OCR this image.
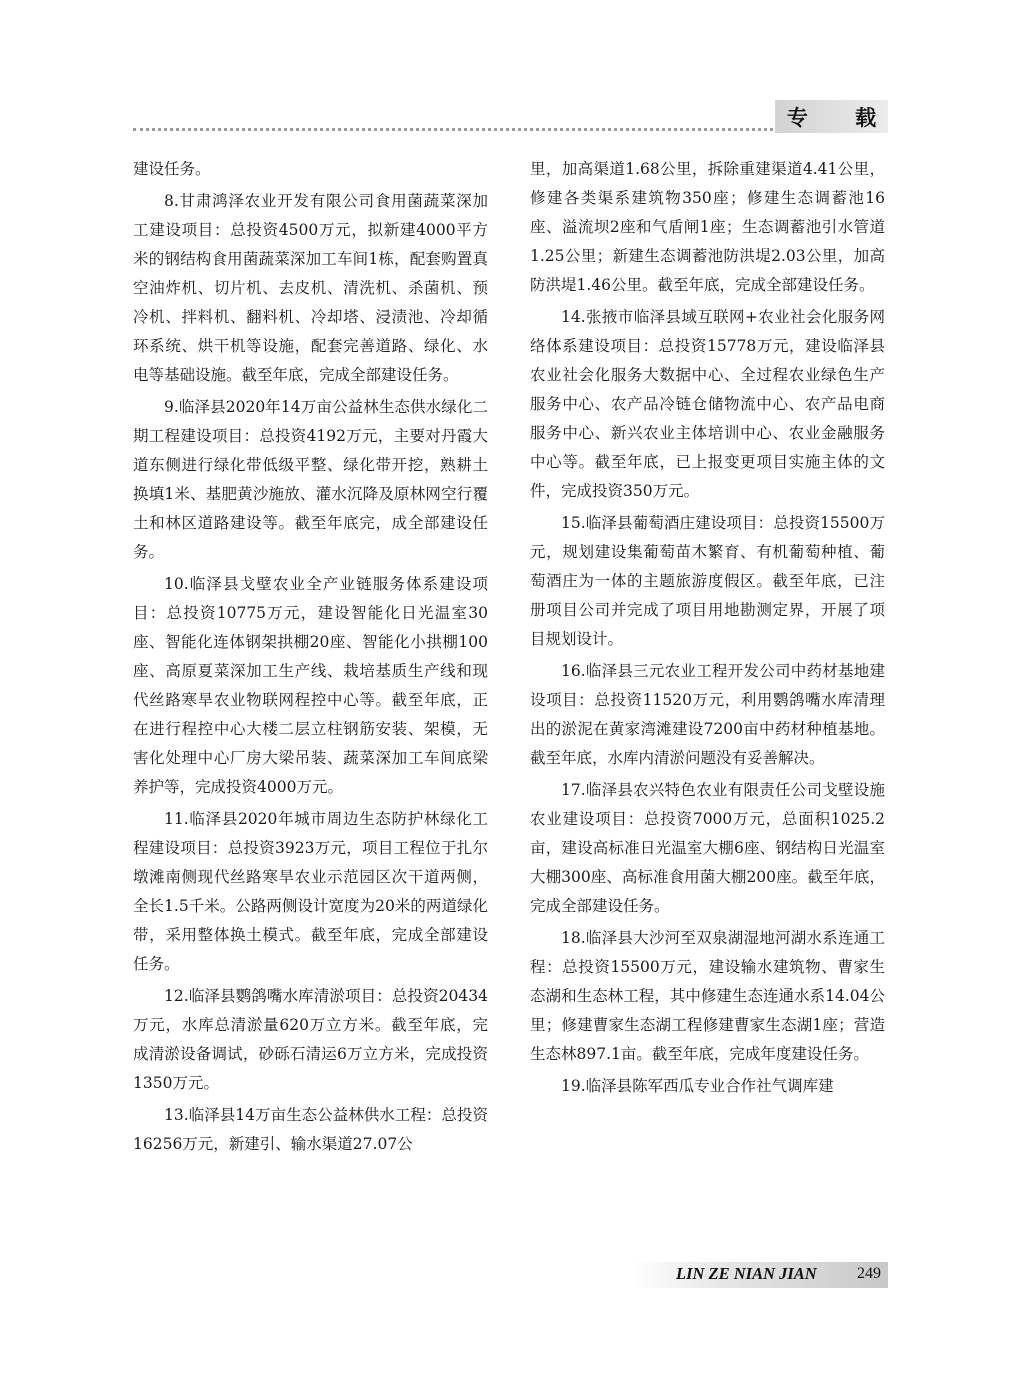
专 载

建设任务。

8.甘肃鸿泽农业开发有限公司食用菌蔬菜深加工建设项目：总投资4500万元，拟新建4000平方米的钢结构食用菌蔬菜深加工车间1栋，配套购置真空油炸机、切片机、去皮机、清洗机、杀菌机、预冷机、拌料机、翻料机、冷却塔、浸渍池、冷却循环系统、烘干机等设施，配套完善道路、绿化、水电等基础设施。截至年底，完成全部建设任务。

9.临泽县2020年14万亩公益林生态供水绿化二期工程建设项目：总投资4192万元，主要对丹霞大道东侧进行绿化带低级平整、绿化带开挖，熟耕土换填1米、基肥黄沙施放、灌水沉降及原林网空行覆土和林区道路建设等。截至年底完，成全部建设任务。

10.临泽县戈壁农业全产业链服务体系建设项目：总投资10775万元，建设智能化日光温室30座、智能化连体钢架拱棚20座、智能化小拱棚100座、高原夏菜深加工生产线、栽培基质生产线和现代丝路寒旱农业物联网程控中心等。截至年底，正在进行程控中心大楼二层立柱钢筋安装、架模，无害化处理中心厂房大梁吊装、蔬菜深加工车间底梁养护等，完成投资4000万元。

11.临泽县2020年城市周边生态防护林绿化工程建设项目：总投资3923万元，项目工程位于扎尔墩滩南侧现代丝路寒旱农业示范园区次干道两侧，全长1.5千米。公路两侧设计宽度为20米的两道绿化带，采用整体换土模式。截至年底，完成全部建设任务。

12.临泽县鹦鸽嘴水库清淤项目：总投资20434万元，水库总清淤量620万立方米。截至年底，完成清淤设备调试，砂砾石清运6万立方米，完成投资1350万元。

13.临泽县14万亩生态公益林供水工程：总投资16256万元，新建引、输水渠道27.07公

里，加高渠道1.68公里，拆除重建渠道4.41公里，修建各类渠系建筑物350座；修建生态调蓄池16座、溢流坝2座和气盾闸1座；生态调蓄池引水管道1.25公里；新建生态调蓄池防洪堤2.03公里，加高防洪堤1.46公里。截至年底，完成全部建设任务。

14.张掖市临泽县域互联网+农业社会化服务网络体系建设项目：总投资15778万元，建设临泽县农业社会化服务大数据中心、全过程农业绿色生产服务中心、农产品冷链仓储物流中心、农产品电商服务中心、新兴农业主体培训中心、农业金融服务中心等。截至年底，已上报变更项目实施主体的文件，完成投资350万元。

15.临泽县葡萄酒庄建设项目：总投资15500万元，规划建设集葡萄苗木繁育、有机葡萄种植、葡萄酒庄为一体的主题旅游度假区。截至年底，已注册项目公司并完成了项目用地勘测定界，开展了项目规划设计。

16.临泽县三元农业工程开发公司中药材基地建设项目：总投资11520万元，利用鹦鸽嘴水库清理出的淤泥在黄家湾滩建设7200亩中药材种植基地。截至年底，水库内清淤问题没有妥善解决。

17.临泽县农兴特色农业有限责任公司戈壁设施农业建设项目：总投资7000万元，总面积1025.2亩，建设高标准日光温室大棚6座、钢结构日光温室大棚300座、高标准食用菌大棚200座。截至年底，完成全部建设任务。

18.临泽县大沙河至双泉湖湿地河湖水系连通工程：总投资15500万元，建设输水建筑物、曹家生态湖和生态林工程，其中修建生态连通水系14.04公里；修建曹家生态湖工程修建曹家生态湖1座；营造生态林897.1亩。截至年底，完成年度建设任务。

19.临泽县陈军西瓜专业合作社气调库建

LIN ZE NIAN JIAN	249
